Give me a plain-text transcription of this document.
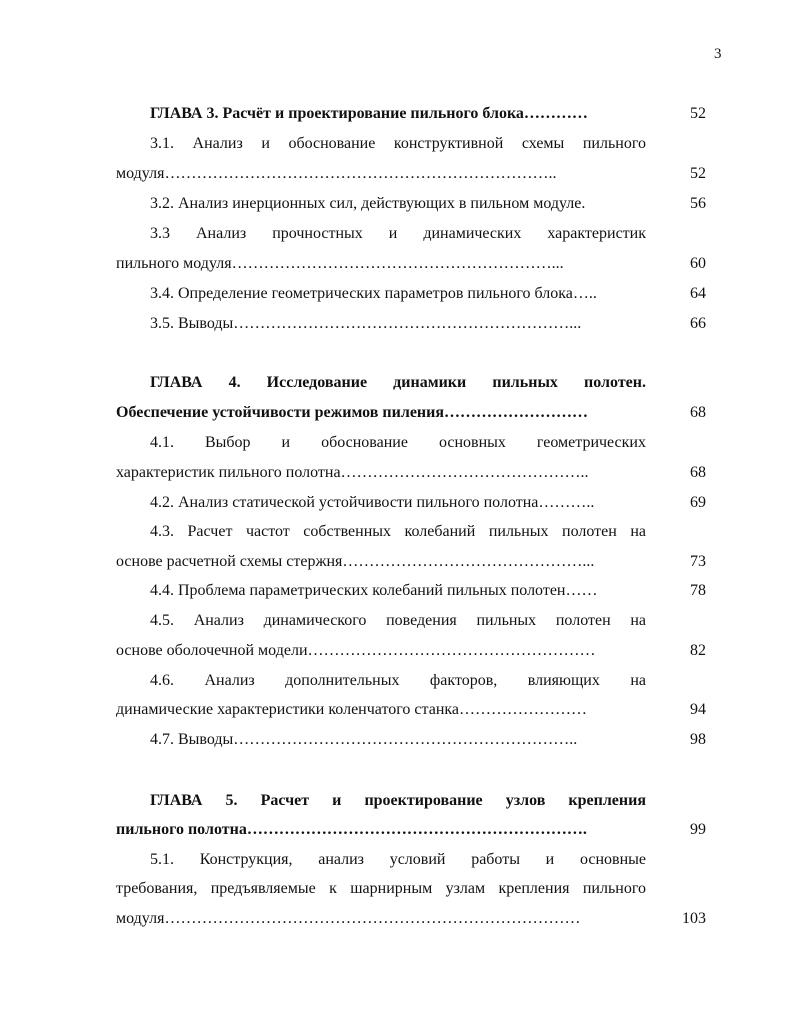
3
ГЛАВА 3. Расчёт и проектирование пильного блока…………	52
3.1. Анализ и обоснование конструктивной схемы пильного
модуля………………………………………………………………..	52
3.2. Анализ инерционных сил, действующих в пильном модуле.	56
3.3 Анализ прочностных и динамических характеристик
пильного модуля……………………………………………………...	60
3.4. Определение геометрических параметров пильного блока…..	64
3.5. Выводы………………………………………………………...	66
ГЛАВА 4. Исследование динамики пильных полотен.
Обеспечение устойчивости режимов пиления………………………	68
4.1. Выбор и обоснование основных геометрических
характеристик пильного полотна………………………………………..	68
4.2. Анализ статической устойчивости пильного полотна………..	69
4.3. Расчет частот собственных колебаний пильных полотен на
основе расчетной схемы стержня………………………………………...	73
4.4. Проблема параметрических колебаний пильных полотен……	78
4.5. Анализ динамического поведения пильных полотен на
основе оболочечной модели………………………………………………	82
4.6. Анализ дополнительных факторов, влияющих на
динамические характеристики коленчатого станка……………………	94
4.7. Выводы………………………………………………………..	98
ГЛАВА 5. Расчет и проектирование узлов крепления
пильного полотна……………………………………………………….	99
5.1. Конструкция, анализ условий работы и основные
требования, предъявляемые к шарнирным узлам крепления пильного
модуля……………………………………………………………………	103
